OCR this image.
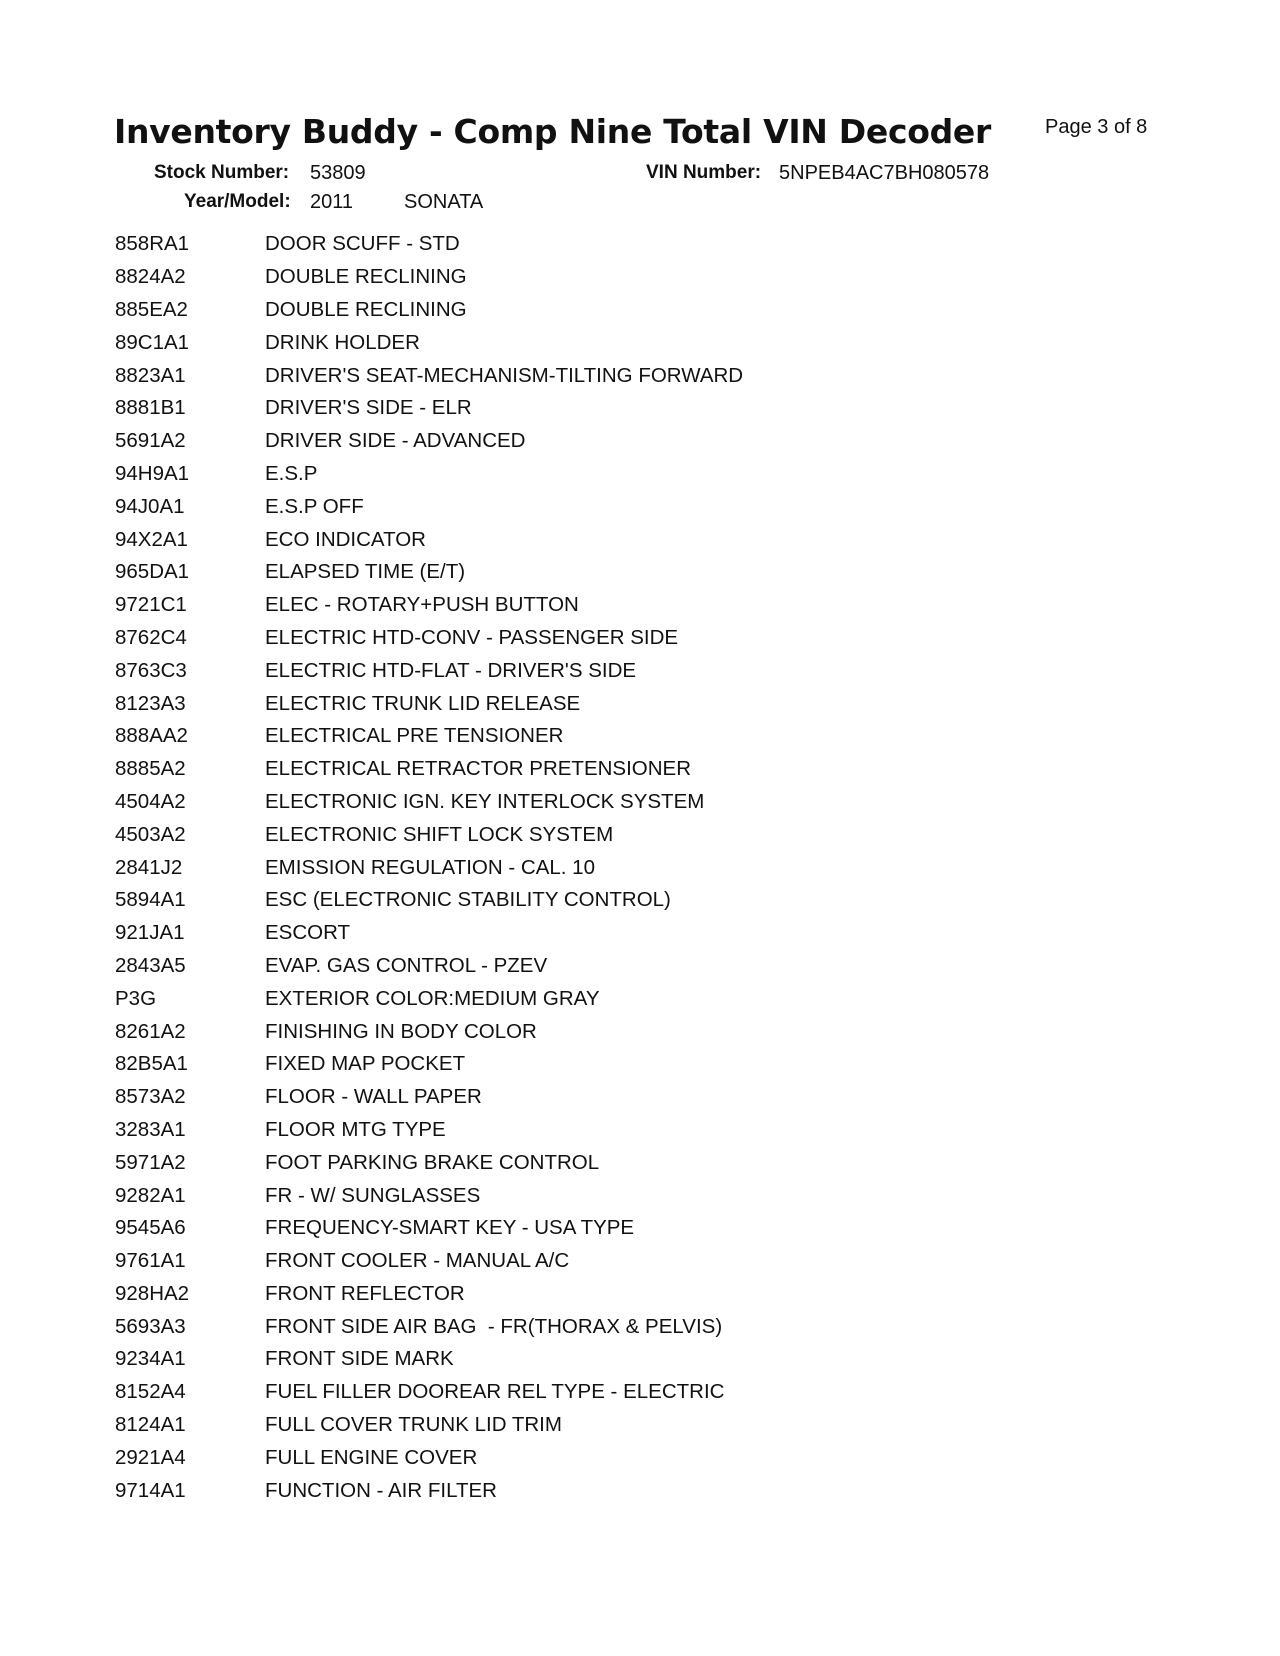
Inventory Buddy - Comp Nine Total VIN Decoder	Page 3 of 8
Stock Number: 53809	VIN Number: 5NPEB4AC7BH080578
Year/Model: 2011	SONATA
858RA1	DOOR SCUFF - STD
8824A2	DOUBLE RECLINING
885EA2	DOUBLE RECLINING
89C1A1	DRINK HOLDER
8823A1	DRIVER'S SEAT-MECHANISM-TILTING FORWARD
8881B1	DRIVER'S SIDE - ELR
5691A2	DRIVER SIDE - ADVANCED
94H9A1	E.S.P
94J0A1	E.S.P OFF
94X2A1	ECO INDICATOR
965DA1	ELAPSED TIME (E/T)
9721C1	ELEC - ROTARY+PUSH BUTTON
8762C4	ELECTRIC HTD-CONV - PASSENGER SIDE
8763C3	ELECTRIC HTD-FLAT - DRIVER'S SIDE
8123A3	ELECTRIC TRUNK LID RELEASE
888AA2	ELECTRICAL PRE TENSIONER
8885A2	ELECTRICAL RETRACTOR PRETENSIONER
4504A2	ELECTRONIC IGN. KEY INTERLOCK SYSTEM
4503A2	ELECTRONIC SHIFT LOCK SYSTEM
2841J2	EMISSION REGULATION - CAL. 10
5894A1	ESC (ELECTRONIC STABILITY CONTROL)
921JA1	ESCORT
2843A5	EVAP. GAS CONTROL - PZEV
P3G	EXTERIOR COLOR:MEDIUM GRAY
8261A2	FINISHING IN BODY COLOR
82B5A1	FIXED MAP POCKET
8573A2	FLOOR - WALL PAPER
3283A1	FLOOR MTG TYPE
5971A2	FOOT PARKING BRAKE CONTROL
9282A1	FR - W/ SUNGLASSES
9545A6	FREQUENCY-SMART KEY - USA TYPE
9761A1	FRONT COOLER - MANUAL A/C
928HA2	FRONT REFLECTOR
5693A3	FRONT SIDE AIR BAG  - FR(THORAX & PELVIS)
9234A1	FRONT SIDE MARK
8152A4	FUEL FILLER DOOREAR REL TYPE - ELECTRIC
8124A1	FULL COVER TRUNK LID TRIM
2921A4	FULL ENGINE COVER
9714A1	FUNCTION - AIR FILTER
